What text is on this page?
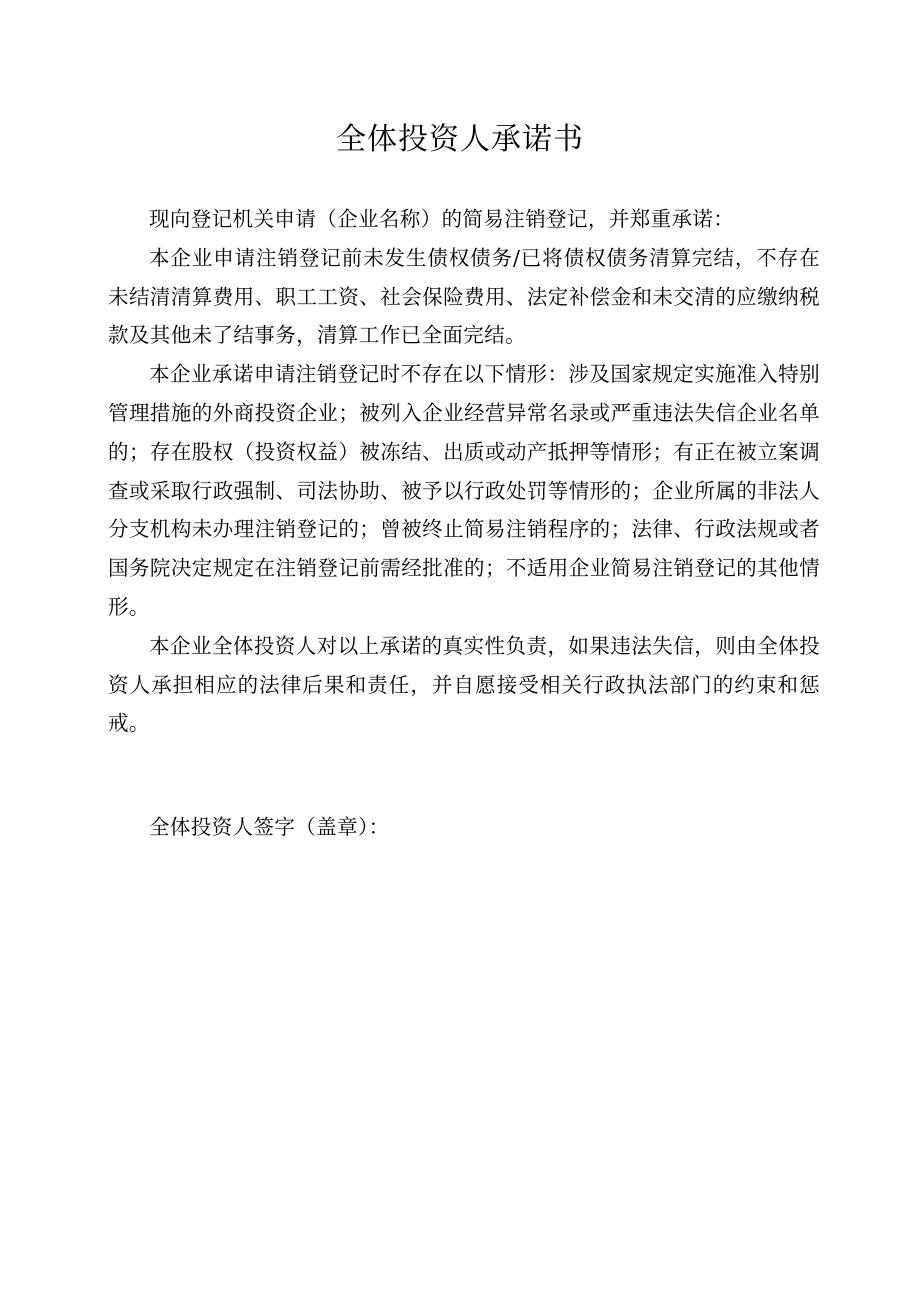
全体投资人承诺书

现向登记机关申请（企业名称）的简易注销登记，并郑重承诺：

本企业申请注销登记前未发生债权债务/已将债权债务清算完结，不存在未结清清算费用、职工工资、社会保险费用、法定补偿金和未交清的应缴纳税款及其他未了结事务，清算工作已全面完结。

本企业承诺申请注销登记时不存在以下情形：涉及国家规定实施准入特别管理措施的外商投资企业；被列入企业经营异常名录或严重违法失信企业名单的；存在股权（投资权益）被冻结、出质或动产抵押等情形；有正在被立案调查或采取行政强制、司法协助、被予以行政处罚等情形的；企业所属的非法人分支机构未办理注销登记的；曾被终止简易注销程序的；法律、行政法规或者国务院决定规定在注销登记前需经批准的；不适用企业简易注销登记的其他情形。

本企业全体投资人对以上承诺的真实性负责，如果违法失信，则由全体投资人承担相应的法律后果和责任，并自愿接受相关行政执法部门的约束和惩戒。

全体投资人签字（盖章）：
